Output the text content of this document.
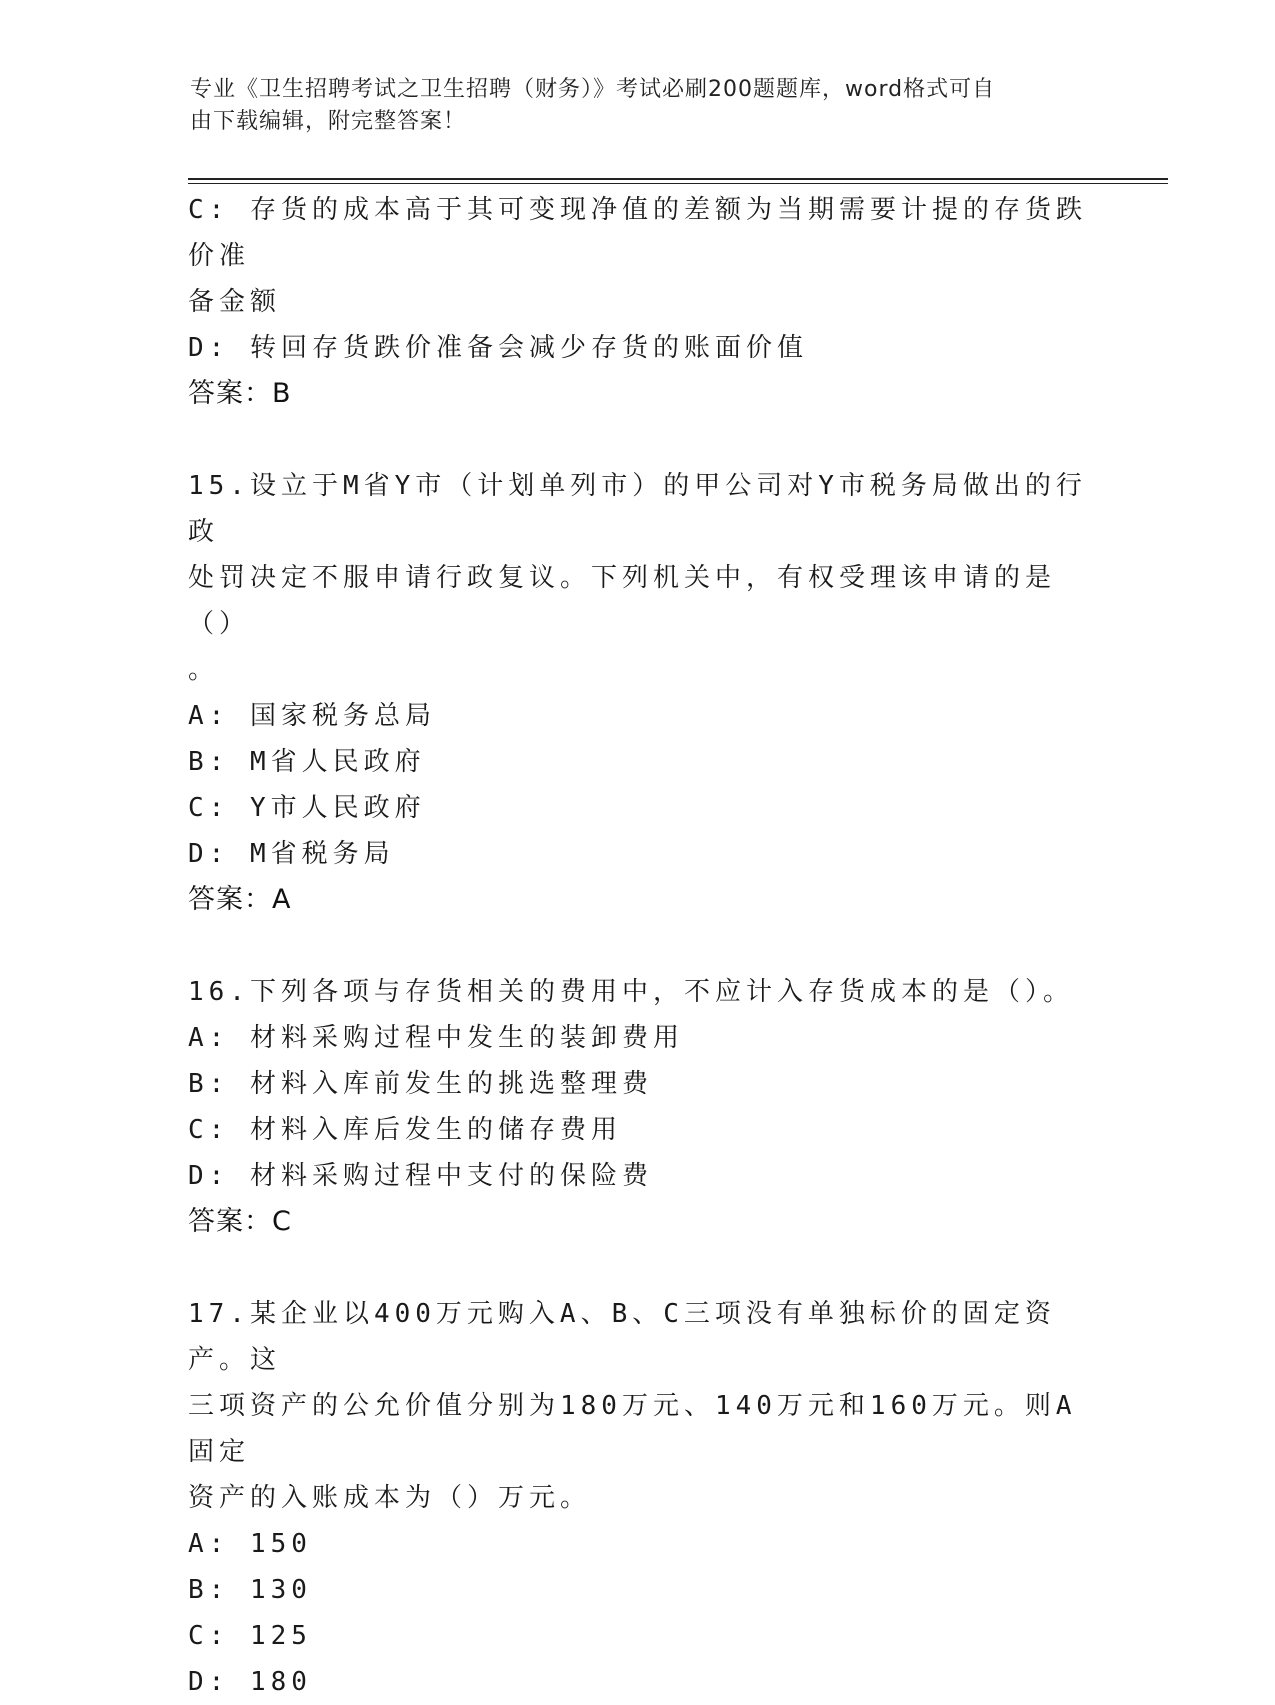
专业《卫生招聘考试之卫生招聘（财务）》考试必刷200题题库，word格式可自
由下载编辑，附完整答案！
C: 存货的成本高于其可变现净值的差额为当期需要计提的存货跌价准
备金额
D: 转回存货跌价准备会减少存货的账面价值
答案：B
15.设立于M省Y市（计划单列市）的甲公司对Y市税务局做出的行政
处罚决定不服申请行政复议。下列机关中，有权受理该申请的是（）
。
A: 国家税务总局
B: M省人民政府
C: Y市人民政府
D: M省税务局
答案：A
16.下列各项与存货相关的费用中，不应计入存货成本的是（）。
A: 材料采购过程中发生的装卸费用
B: 材料入库前发生的挑选整理费
C: 材料入库后发生的储存费用
D: 材料采购过程中支付的保险费
答案：C
17.某企业以400万元购入A、B、C三项没有单独标价的固定资产。这
三项资产的公允价值分别为180万元、140万元和160万元。则A固定
资产的入账成本为（）万元。
A: 150
B: 130
C: 125
D: 180
